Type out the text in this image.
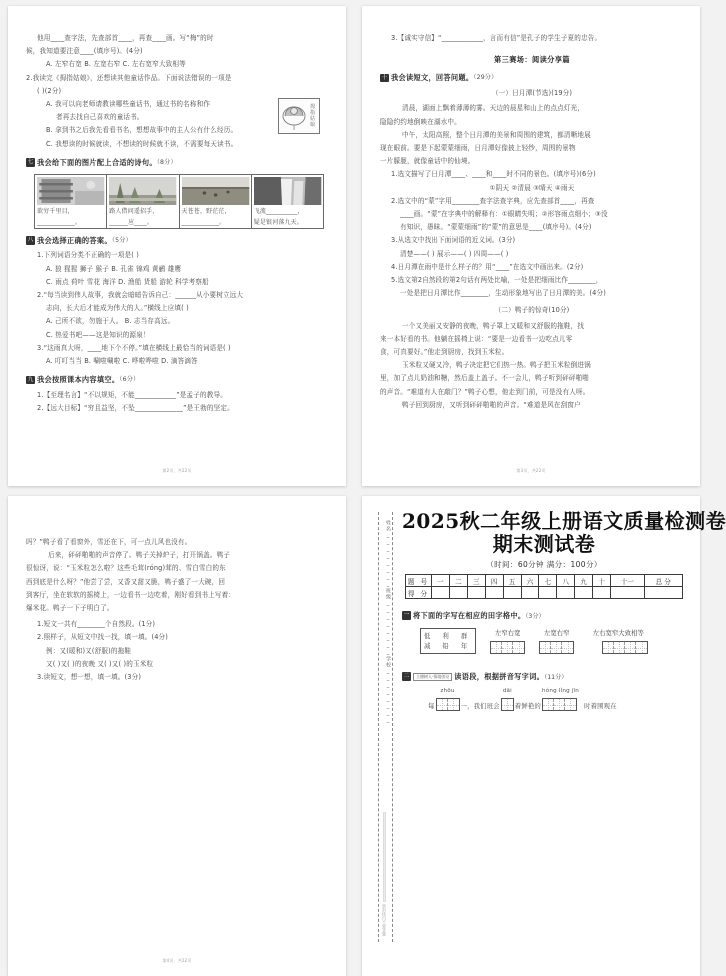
他用____查字法，先查部首____，再查____画。写“梅”的时
候，我知道要注意____(填序号)。(4分)
A. 左窄右宽 B. 左宽右窄 C. 左右宽窄大致相等
2.我读完《拇指姑娘》，还想读其他童话作品。下面说法错误的一项是
( )(2分)
A. 我可以向老师请教读哪些童话书，通过书的名称和作
者再去找自己喜欢的童话书。
B. 拿到书之后我先看看书名，想想故事中的主人公有什么经历。
C. 我想读的时候就读，不想读的时候就不读，不需要每天读书。
拇
指
姑
娘
七 我会给下面的图片配上合适的诗句。（8分）
欲穷千里目，
____________。

路人借问遥招手，
______应____。

天苍苍，野茫茫，
____________。

飞流__________，
疑是银河落九天。
八 我会选择正确的答案。（5分）
1.下列词语分类不正确的一项是( )
A. 狼 猩猩 狮子 猴子 B. 孔雀 锦鸡 黄鹂 雄鹰
C. 雨点 荷叶 雪花 海洋 D. 渔船 货船 游轮 科学考察船
2.“每当读到伟人故事，我就会暗暗告诉自己：______从小要树立远大
志向，长大后才能成为伟大的人。”横线上应填( )
A. 己所不欲，勿施于人。 B. 志当存高远。
C. 热爱书吧——这是知识的源泉！
3.“这雨真大呀，____地下个不停。”填在横线上最恰当的词语是( )
A. 叮叮当当 B. 唰啦唰啦 C. 哗啦哗啦 D. 滴答滴答
九 我会按照课本内容填空。（6分）
1.【至理名言】“不以规矩，不能____________”是孟子的教导。
2.【远大目标】“穷且益坚，不坠______________”是王勃的坚定。
第2页，共22页
3.【诚实守信】“____________，言而有信”是孔子的学生子夏的忠告。
第三赛场：阅读分享篇
十 我会读短文，回答问题。（29分）
（一）日月潭(节选)(19分)
清晨，湖面上飘着薄薄的雾。天边的晨星和山上的点点灯光，
隐隐约约地倒映在湖水中。
中午，太阳高照，整个日月潭的美景和周围的建筑，都清晰地展
现在眼前。要是下起蒙蒙细雨，日月潭好像披上轻纱，周围的景物
一片朦胧，就像童话中的仙境。
1.选文描写了日月潭____、____和____时不同的景色。(填序号)(6分)
①阴天 ②清晨 ③晴天 ④雨天
2.选文中的“蒙”字用________查字法查字典，应先查部首____，再查
____画。“蒙”在字典中的解释有：①眼睛失明；②形容雨点细小；③没
有知识，愚昧。“蒙蒙细雨”的“蒙”的意思是____(填序号)。(4分)
3.从选文中找出下面词语的近义词。(3分)
清楚——( ) 展示——( ) 四周——( )
4.日月潭在雨中是什么样子的？用“____”在选文中画出来。(2分)
5.选文第2自然段的第2句话有两处比喻，一处是把细雨比作________，
一处是把日月潭比作________，生动形象地写出了日月潭的美。(4分)
（二）鸭子的惊奇(10分)
一个又美丽又安静的夜晚，鸭子罩上又暖和又舒服的拖鞋，找
来一本好看的书。他躺在摇椅上说：“要是一边看书一边吃点儿零
食，可真要好。”他走到厨房，找到玉米粒。
玉米粒又硬又冷，鸭子决定把它们热一热。鸭子把玉米粒倒进锅
里，加了点儿奶油和糖，然后盖上盖子。不一会儿，鸭子听到砰砰啪啪
的声音。“难道有人在敲门？”鸭子心想，他走到门前，可是没有人呀。
鸭子回到厨房，又听到砰砰啪啪的声音。“难道是风在刮窗户
第3页，共22页
吗？”鸭子看了看窗外，雪还在下，可一点儿风也没有。
后来，砰砰啪啪的声音停了。鸭子关掉炉子，打开锅盖。鸭子
很惊讶，说：“玉米粒怎么啦？这些毛茸(róng)茸的、雪白雪白的东
西到底是什么呀？”他尝了尝，又香又甜又脆，鸭子盛了一大碗，回
到客厅，坐在软软的摇椅上，一边看书一边吃着，刚好看到书上写着：
爆米花。鸭子一下子明白了。
1.短文一共有________个自然段。(1分)
2.照样子，从短文中找一找，填一填。(4分)
例：又(暖和)又(舒服)的拖鞋
又( )又( )的夜晚 又( )又( )的玉米粒
3.读短文，想一想，填一填。(3分)
第4页，共22页
姓名________班级________学校________
密封线内不要答题
2025秋二年级上册语文质量检测卷
期末测试卷
（时间：60分钟 满分：100分）
题 号	一	二	三	四	五	六	七	八	九	十	十一	总 分
得 分												
一 将下面的字写在相应的田字格中。（3分）
低 利 群
减 铅 年
左窄右宽	左宽右窄	左右宽窄大致相等
二 立德树人·情境创设 读语段，根据拼音写字词。（11分）
每
zhōu
一，我们班会
dāi
着鲜艳的
hóng lǐng jīn
时着围观在
